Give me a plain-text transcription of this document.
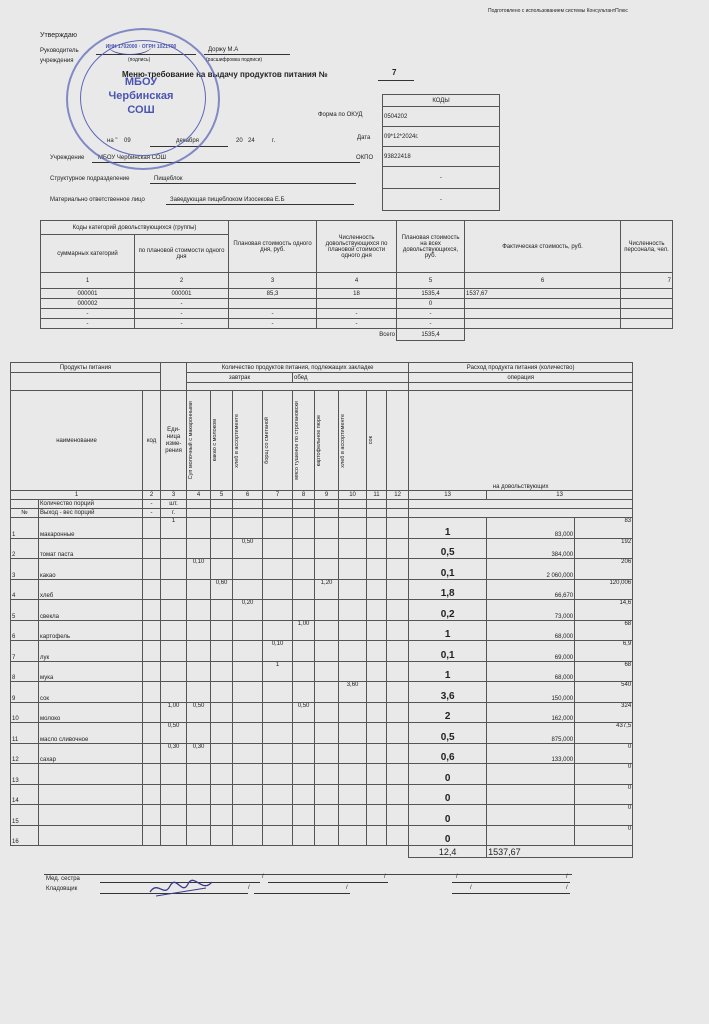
Подготовлено с использованием системы КонсультантПлюс
Утверждаю
Руководитель
учреждения
Доржу М.А
(подпись)	(расшифровка подписи)
Меню-требование на выдачу продуктов питания №	7
на " 09	декабря	20 24	г.
КОДЫ
0504202
09*12*2024г.
93822418
-
-
Форма по ОКУД
Дата
ОКПО
Учреждение МБОУ Чербинская СОШ
Структурное подразделение	Пищеблок
Материально ответственное лицо	Заведующая пищеблоком Изосекова Е.Б
МБОУ
Чербинская
СОШ
ИНН 1702000 · ОГРН 1021700
Коды категорий довольствующихся (группы)		Плановая стоимость одного дня, руб.	Численность довольствующихся по плановой стоимости одного дня	Плановая стоимость на всех довольствующихся, руб.	Фактическая стоимость, руб.	Численность персонала, чел.
суммарных категорий	по плановой стоимости одного дня					
1	2	3	4	5	6	7
000001	000001	85,3	18	1535,4	1537,67	
000002	-			0		
-	-	-	-	-		
-	-	-	-	-		
			Всего	1535,4		
Продукты питания				Количество продуктов питания, подлежащих закладке									Расход продукта питания (количество)		
				завтрак				обед					операция		

наименование		код	Еди-ница изме-рения	Суп молочный с макаронными	какао с молоком	хлеб в ассортименте	борщ со сметаной	мясо тушеное по строгановски	картофельное пюре	хлеб в ассортименте	сок		на довольствующих		
1		2	3	4	5	6	7	8	9	10	11	12	13	13	
	Количество порций	-	шт.												
№	Выход - вес порций	-	г.												
1	макаронные		1										1	83,000	83
2	томат паста					0,50							0,5	384,000	192
3	какао			0,10									0,1	2 060,000	206
4	хлеб				0,60				1,20				1,8	66,670	120,006
5	свекла					0,20							0,2	73,000	14,6
6	картофель							1,00					1	68,000	68
7	лук						0,10						0,1	69,000	6,9
8	мука						1						1	68,000	68
9	сок									3,60			3,6	150,000	540
10	молоко		1,00	0,50				0,50					2	162,000	324
11	масло сливочное		0,50										0,5	875,000	437,5
12	сахар		0,30	0,30									0,6	133,000	0
13													0		0
14													0		0
15													0		0
16													0		0
													12,4	1537,67	
Мед. сестра
Кладовщик
/	/	/	/
/	/	/	/
